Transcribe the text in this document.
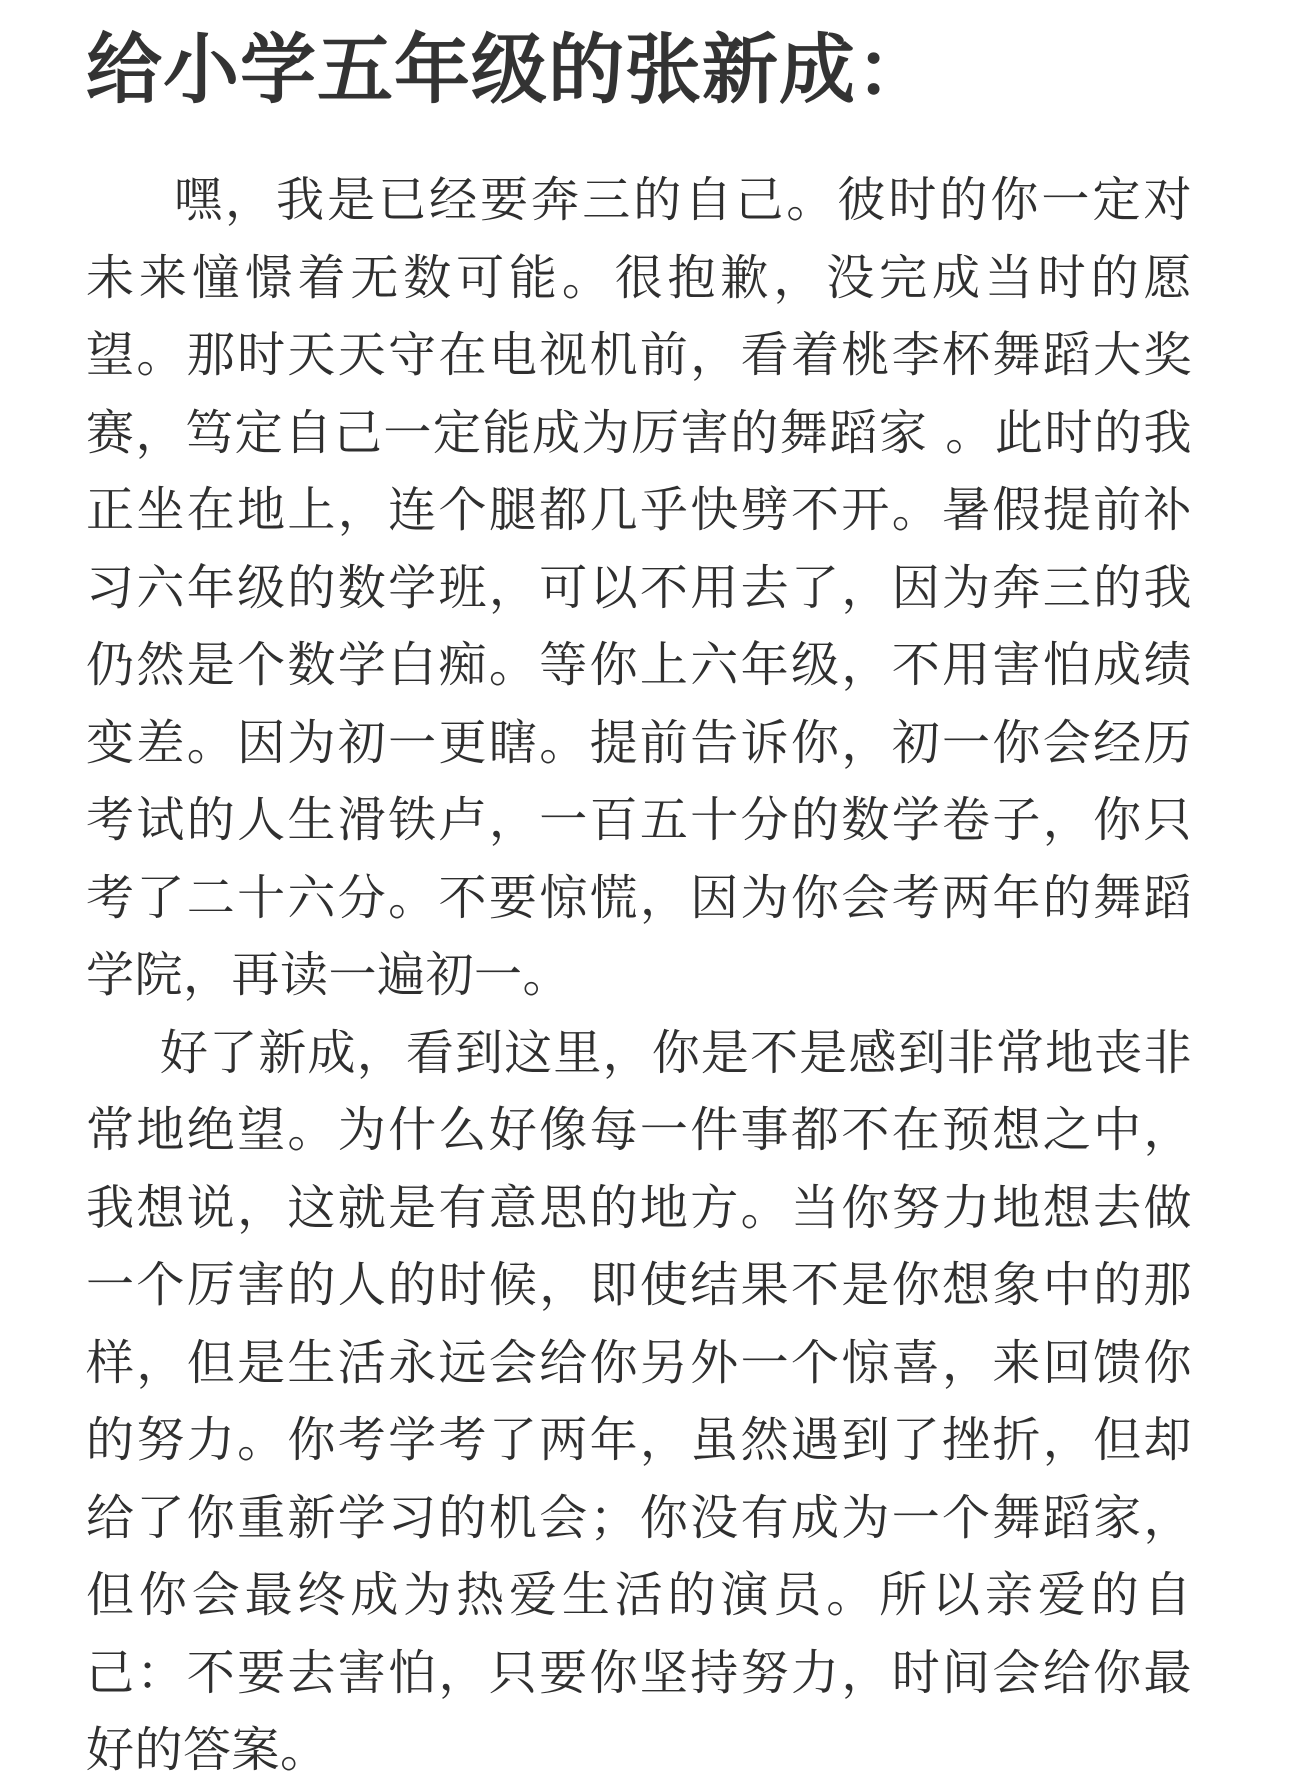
给小学五年级的张新成：

嘿，我是已经要奔三的自己。彼时的你一定对未来憧憬着无数可能。很抱歉，没完成当时的愿望。那时天天守在电视机前，看着桃李杯舞蹈大奖赛，笃定自己一定能成为厉害的舞蹈家 。此时的我正坐在地上，连个腿都几乎快劈不开。暑假提前补习六年级的数学班，可以不用去了，因为奔三的我仍然是个数学白痴。等你上六年级，不用害怕成绩变差。因为初一更瞎。提前告诉你，初一你会经历考试的人生滑铁卢，一百五十分的数学卷子，你只考了二十六分。不要惊慌，因为你会考两年的舞蹈学院，再读一遍初一。

好了新成，看到这里，你是不是感到非常地丧非常地绝望。为什么好像每一件事都不在预想之中，我想说，这就是有意思的地方。当你努力地想去做一个厉害的人的时候，即使结果不是你想象中的那样，但是生活永远会给你另外一个惊喜，来回馈你的努力。你考学考了两年，虽然遇到了挫折，但却给了你重新学习的机会；你没有成为一个舞蹈家，但你会最终成为热爱生活的演员。所以亲爱的自己：不要去害怕，只要你坚持努力，时间会给你最好的答案。
